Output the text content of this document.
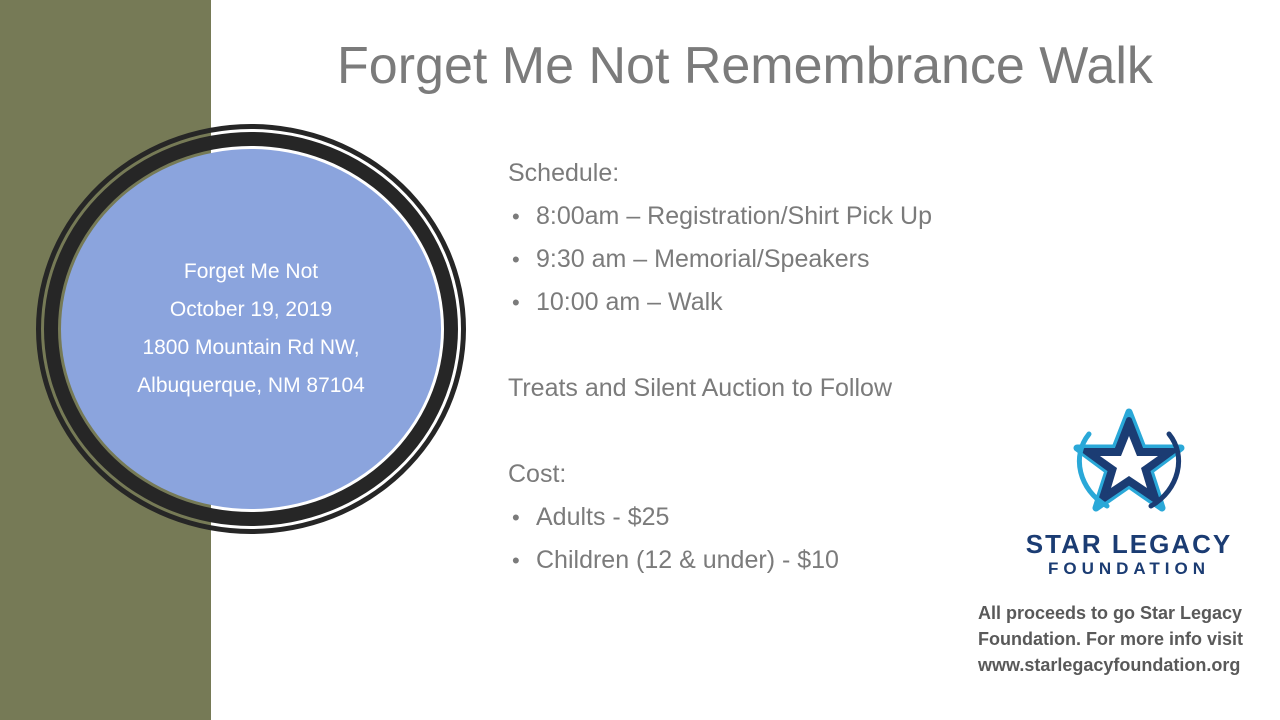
Forget Me Not Remembrance Walk
Forget Me Not
October 19, 2019
1800 Mountain Rd NW,
Albuquerque, NM 87104
Schedule:
• 8:00am – Registration/Shirt Pick Up
• 9:30 am – Memorial/Speakers
• 10:00 am – Walk
Treats and Silent Auction to Follow
Cost:
• Adults - $25
• Children (12 & under) - $10
STAR LEGACY
FOUNDATION
All proceeds to go Star Legacy Foundation. For more info visit www.starlegacyfoundation.org
